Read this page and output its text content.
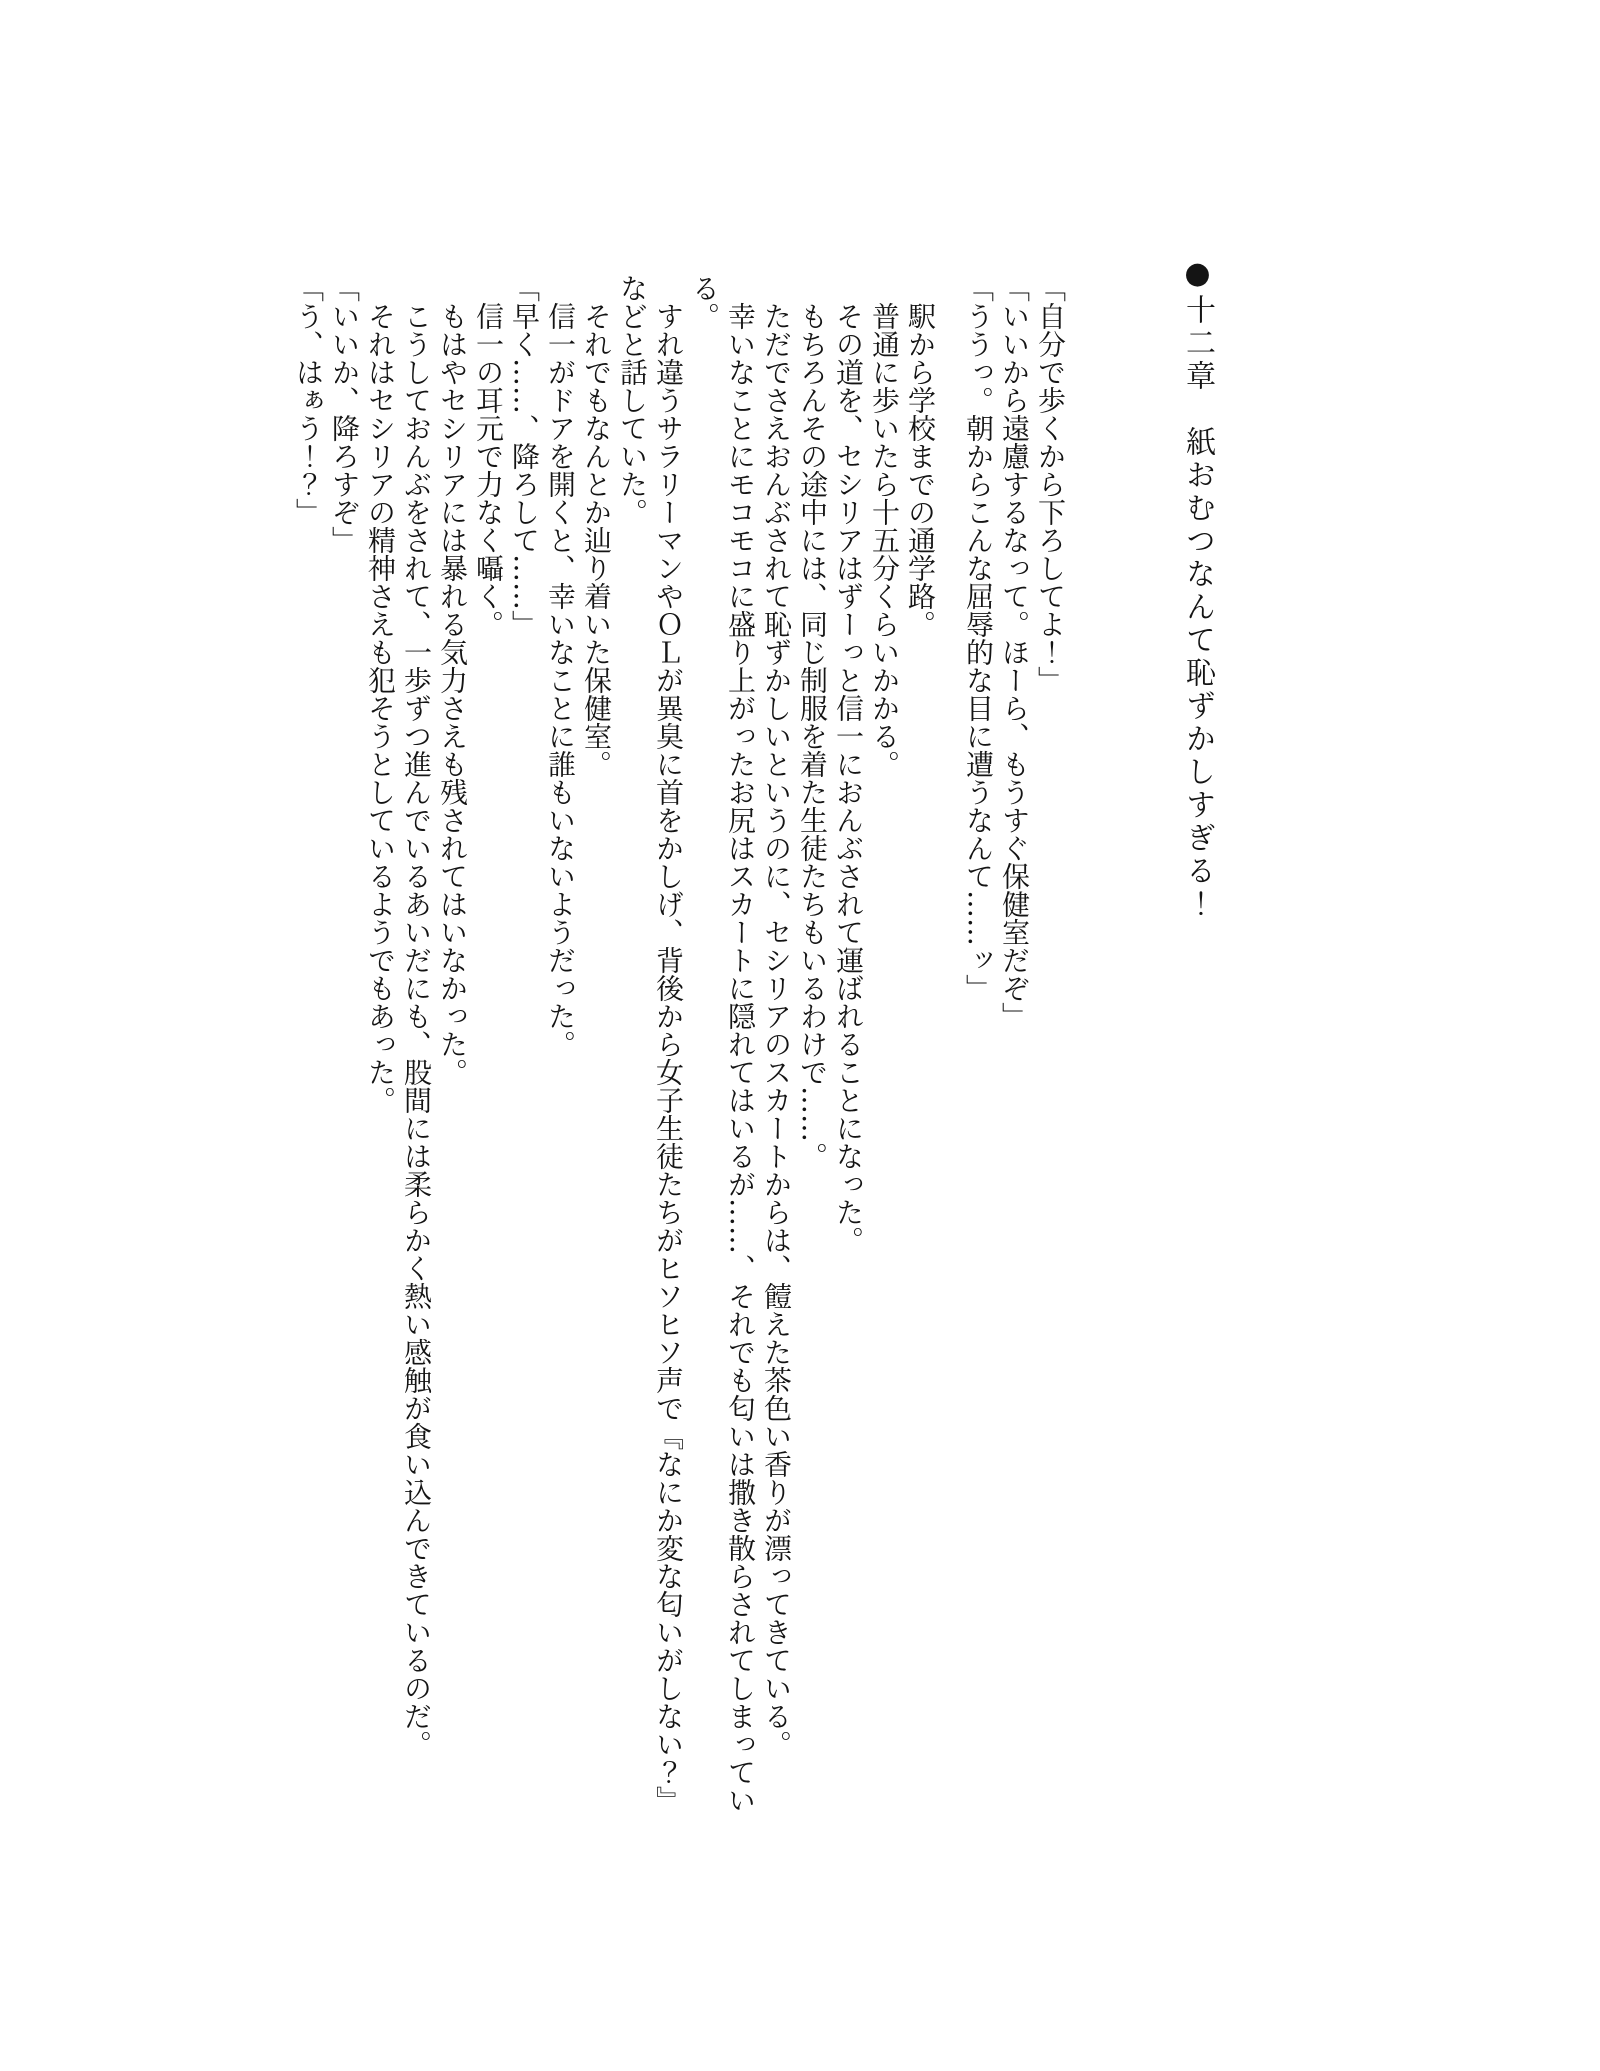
●十二章　紙おむつなんて恥ずかしすぎる！

「自分で歩くから下ろしてよ！」

「いいから遠慮するなって。ほーら、もうすぐ保健室だぞ」

「ううっ。朝からこんな屈辱的な目に遭うなんて……ッ」

駅から学校までの通学路。

普通に歩いたら十五分くらいかかる。

その道を、セシリアはずーっと信一におんぶされて運ばれることになった。

もちろんその途中には、同じ制服を着た生徒たちもいるわけで……。

ただでさえおんぶされて恥ずかしいというのに、セシリアのスカートからは、饐えた茶色い香りが漂ってきている。

幸いなことにモコモコに盛り上がったお尻はスカートに隠れてはいるが……、それでも匂いは撒き散らされてしまっている。

すれ違うサラリーマンやＯＬが異臭に首をかしげ、背後から女子生徒たちがヒソヒソ声で『なにか変な匂いがしない？』などと話していた。

それでもなんとか辿り着いた保健室。

信一がドアを開くと、幸いなことに誰もいないようだった。

「早く……、降ろして……」

信一の耳元で力なく囁く。

もはやセシリアには暴れる気力さえも残されてはいなかった。

こうしておんぶをされて、一歩ずつ進んでいるあいだにも、股間には柔らかく熱い感触が食い込んできているのだ。

それはセシリアの精神さえも犯そうとしているようでもあった。

「いいか、降ろすぞ」

「う、はぁう！？」
